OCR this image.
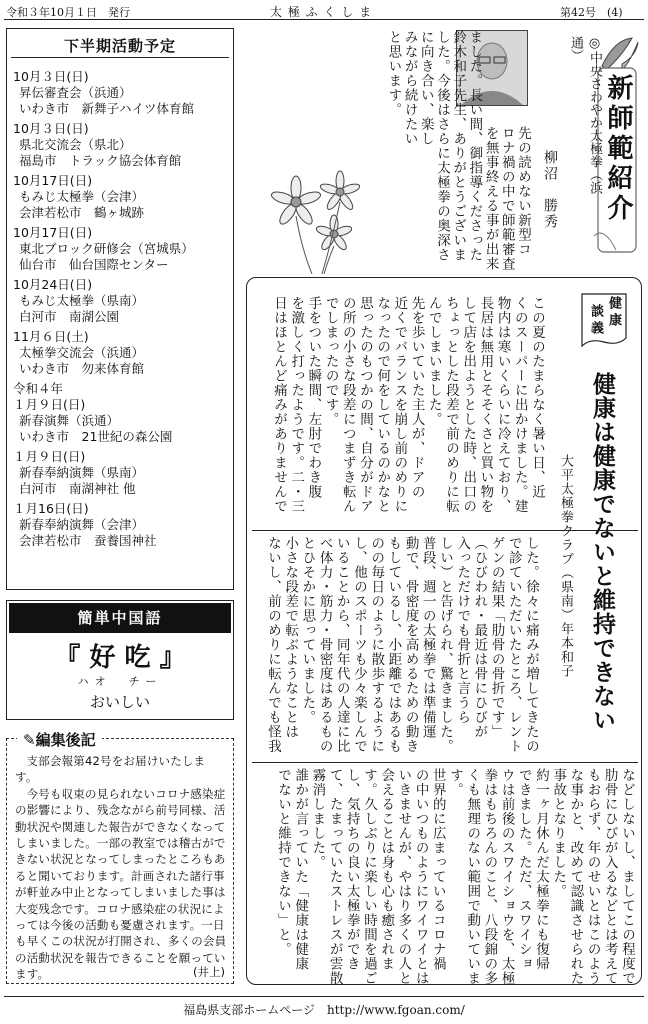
令和３年10月１日　発行	太 極 ふ く し ま	第42号　(4)
下半期活動予定
10月３日(日)
昇伝審査会（浜通）
いわき市　新舞子ハイツ体育館
10月３日(日)
県北交流会（県北）
福島市　トラック協会体育館
10月17日(日)
もみじ太極拳（会津）
会津若松市　鶴ヶ城跡
10月17日(日)
東北ブロック研修会（宮城県）
仙台市　仙台国際センター
10月24日(日)
もみじ太極拳（県南）
白河市　南湖公園
11月６日(土)
太極拳交流会（浜通）
いわき市　勿来体育館
令和４年
１月９日(日)
新春演舞（浜通）
いわき市　21世紀の森公園
１月９日(日)
新春奉納演舞（県南）
白河市　南湖神社 他
１月16日(日)
新春奉納演舞（会津）
会津若松市　蚕養国神社
簡単中国語
『 好 吃 』
ハオ　チー
おいしい
✎編集後記

支部会報第42号をお届けいたします。

今号も収束の見られないコロナ感染症の影響により、残念ながら前号同様、活動状況や関連した報告ができなくなってしまいました。一部の教室では稽古ができない状況となってしまったところもあると聞いております。計画された諸行事が軒並み中止となってしまいました事は大変残念です。コロナ感染症の状況によっては今後の活動も憂慮されます。一日も早くこの状況が打開され、多くの会員の活動状況を報告できることを願っています。	(井上)
新師範紹介
◎中央さわやか太極拳（浜通）
柳沼　勝秀
先の読めない新型コ
ロナ禍の中で師範審査
を無事終える事が出来
ました。長い間、御指導くださった
鈴木和子先生、ありがとうございま
した。今後はさらに太極拳の奥深さ
に向き合い、楽し
みながら続けたい
と思います。
健康
談義
健康は健康でないと維持できない
大平太極拳クラブ（県南）年本和子
この夏のたまらなく暑い日、近
くのスーパーに出かけました。建
物内は寒いくらいに冷えており、
長居は無用とそそくさと買い物を
して店を出ようとした時、出口の
ちょっとした段差で前のめりに転
んでしまいました。
先を歩いていた主人が、ドアの
近くでバランスを崩し前のめりに
なったので何をしているのかなと
思ったのもつかの間、自分がドア
の所の小さな段差につまずき転ん
でしまったのです。
手をついた瞬間、左肘でわき腹
を激しく打ったようです。二・三
日はほとんど痛みがありませんで
した。徐々に痛みが増してきたの
で診ていただいたところ、レント
ゲンの結果「肋骨の骨折です」
（ひびわれ・最近は骨にひびが
入っただけでも骨折と言うら
しい）と告げられ、驚きました。
普段、週一の太極拳では準備運
動で、骨密度を高めるための動き
もしているし、小距離ではあるも
のの毎日のように散歩するように
し、他のスポーツも少々楽しんで
いることから、同年代の人達に比
べ体力・筋力・骨密度はあるもの
とひそかに思っていました。
小さな段差で転ぶようなことは
ないし、前のめりに転んでも怪我
などしないし、ましてこの程度で
肋骨にひびが入るなどとは考えて
もおらず、年のせいとはこのよう
な事かと、改めて認識させられた
事故となりました。
約一ヶ月休んだ太極拳にも復帰
できました。ただ、スワイショ
ウは前後のスワイショウを、太極
拳はもちろんのこと、八段錦の多
くも無理のない範囲で動いていま
す。
世界的に広まっているコロナ禍
の中いつものようにワイワイとは
いきませんが、やはり多くの人と
会えることは身も心も癒されま
す。久しぶりに楽しい時間を過ご
し、気持ちの良い太極拳ができ
て、たまっていたストレスが雲散
霧消しました。
誰かが言っていた「健康は健康
でないと維持できない」と。
福島県支部ホームページ　http://www.fgoan.com/
